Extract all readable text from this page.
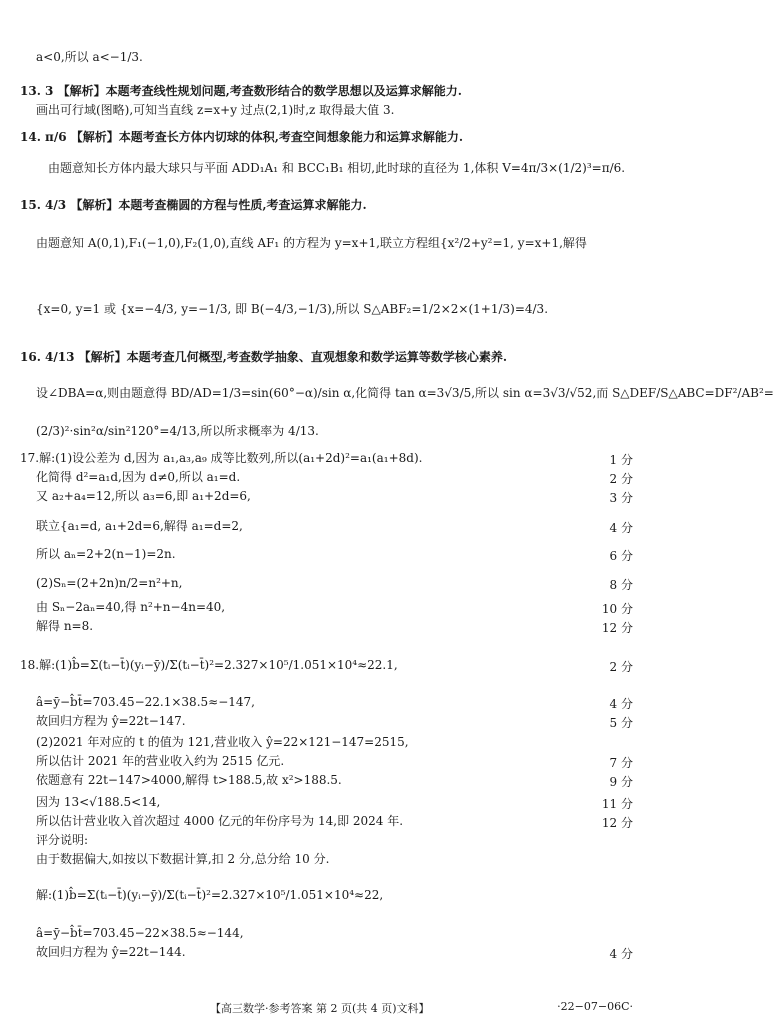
a<0,所以 a<−1/3.
13. 3 【解析】本题考查线性规划问题,考查数形结合的数学思想以及运算求解能力.
画出可行域(图略),可知当直线 z=x+y 过点(2,1)时,z 取得最大值 3.
14. π/6 【解析】本题考查长方体内切球的体积,考查空间想象能力和运算求解能力.
由题意知长方体内最大球只与平面 ADD₁A₁ 和 BCC₁B₁ 相切,此时球的直径为 1,体积 V=4π/3×(1/2)³=π/6.
15. 4/3 【解析】本题考查椭圆的方程与性质,考查运算求解能力.
由题意知 A(0,1),F₁(−1,0),F₂(1,0),直线 AF₁ 的方程为 y=x+1,联立方程组{x²/2+y²=1, y=x+1,解得
{x=0, y=1 或 {x=−4/3, y=−1/3, 即 B(−4/3,−1/3),所以 S△ABF₂=1/2×2×(1+1/3)=4/3.
16. 4/13 【解析】本题考查几何概型,考查数学抽象、直观想象和数学运算等数学核心素养.
设∠DBA=α,则由题意得 BD/AD=1/3=sin(60°−α)/sin α,化简得 tan α=3√3/5,所以 sin α=3√3/√52,而 S△DEF/S△ABC=DF²/AB²=
(2/3)²·sin²α/sin²120°=4/13,所以所求概率为 4/13.
17.解:(1)设公差为 d,因为 a₁,a₃,a₉ 成等比数列,所以(a₁+2d)²=a₁(a₁+8d).	1 分
化简得 d²=a₁d,因为 d≠0,所以 a₁=d.	2 分
又 a₂+a₄=12,所以 a₃=6,即 a₁+2d=6,	3 分
联立{a₁=d, a₁+2d=6,解得 a₁=d=2,	4 分
所以 aₙ=2+2(n−1)=2n.	6 分
(2)Sₙ=(2+2n)n/2=n²+n,	8 分
由 Sₙ−2aₙ=40,得 n²+n−4n=40,	10 分
解得 n=8.	12 分
18.解:(1)b̂=Σ(tᵢ−t̄)(yᵢ−ȳ)/Σ(tᵢ−t̄)²=2.327×10⁵/1.051×10⁴≈22.1,	2 分
â=ȳ−b̂t̄=703.45−22.1×38.5≈−147,	4 分
故回归方程为 ŷ=22t−147.	5 分
(2)2021 年对应的 t 的值为 121,营业收入 ŷ=22×121−147=2515,
所以估计 2021 年的营业收入约为 2515 亿元.	7 分
依题意有 22t−147>4000,解得 t>188.5,故 x²>188.5.	9 分
因为 13<√188.5<14,	11 分
所以估计营业收入首次超过 4000 亿元的年份序号为 14,即 2024 年.	12 分
评分说明:
由于数据偏大,如按以下数据计算,扣 2 分,总分给 10 分.
解:(1)b̂=Σ(tᵢ−t̄)(yᵢ−ȳ)/Σ(tᵢ−t̄)²=2.327×10⁵/1.051×10⁴≈22,
â=ȳ−b̂t̄=703.45−22×38.5≈−144,
故回归方程为 ŷ=22t−144.	4 分
【高三数学·参考答案 第 2 页(共 4 页)文科】	·22−07−06C·
